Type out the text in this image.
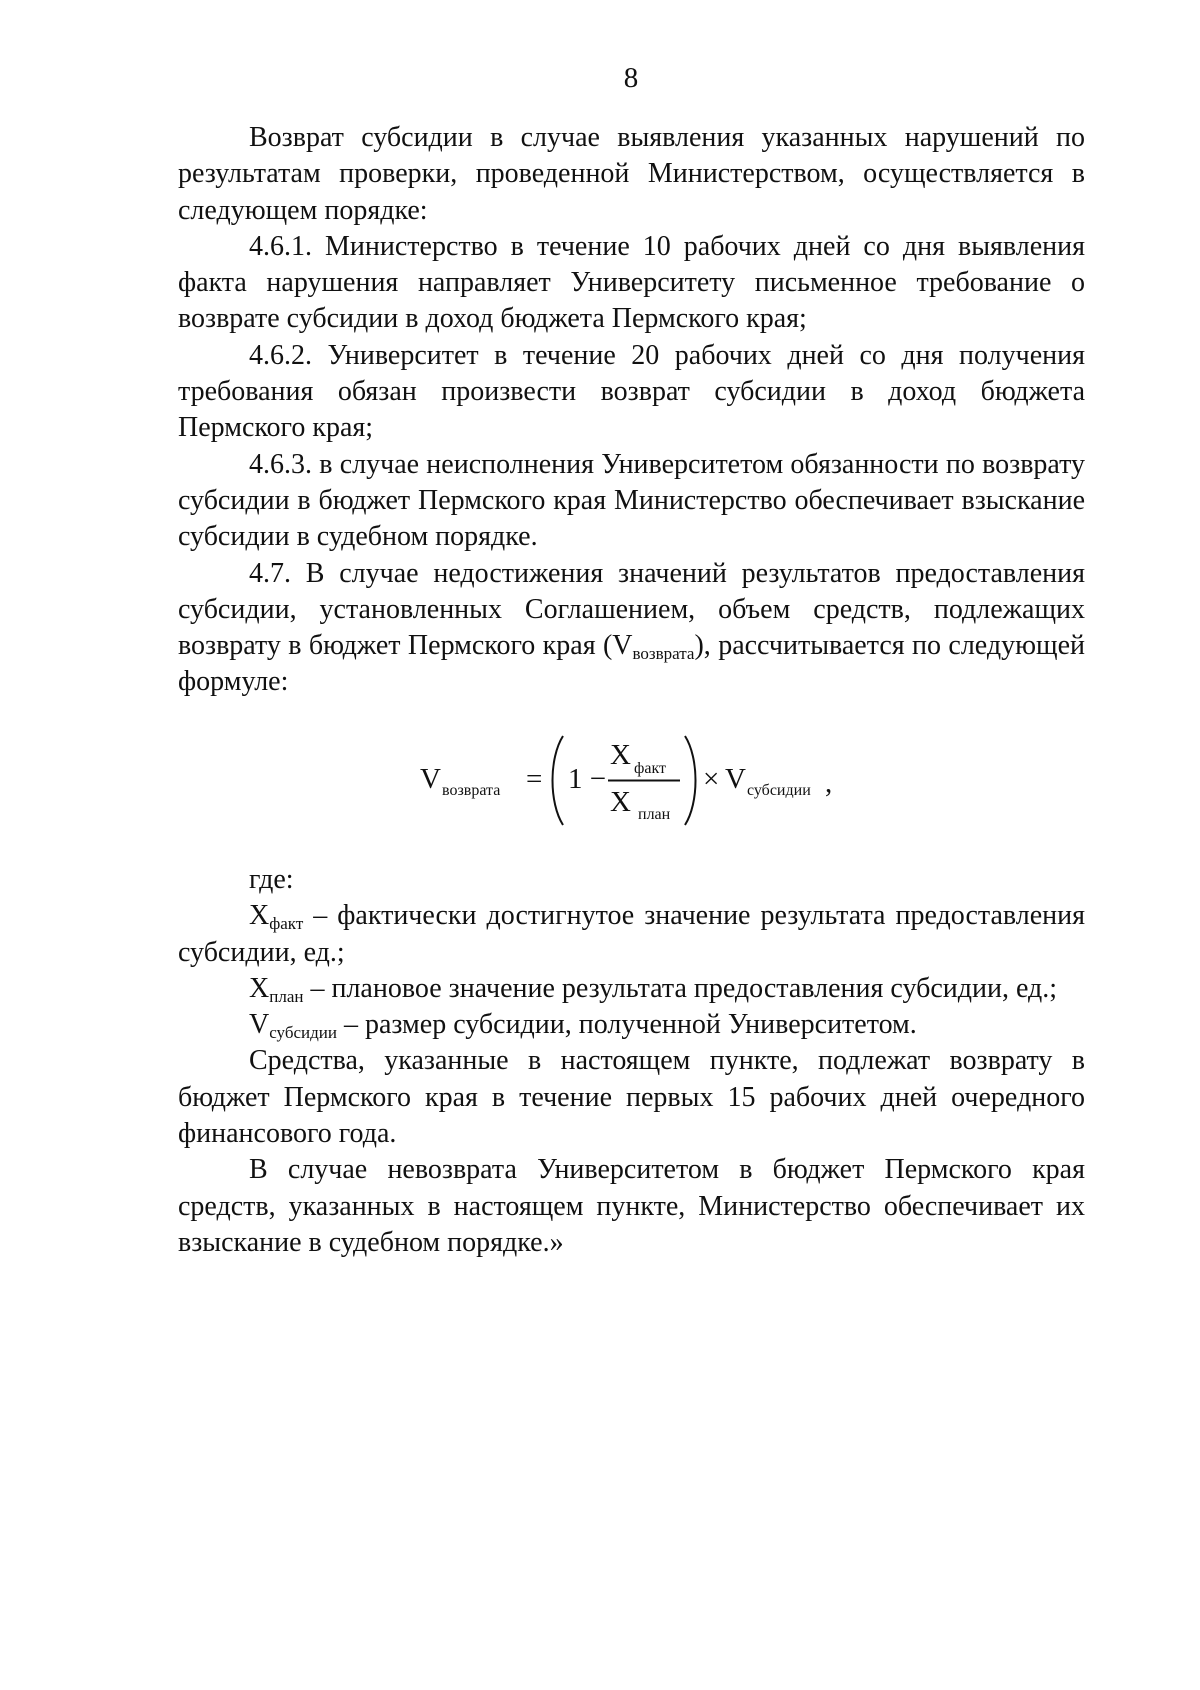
8

Возврат субсидии в случае выявления указанных нарушений по результатам проверки, проведенной Министерством, осуществляется в следующем порядке:

4.6.1. Министерство в течение 10 рабочих дней со дня выявления факта нарушения направляет Университету письменное требование о возврате субсидии в доход бюджета Пермского края;

4.6.2. Университет в течение 20 рабочих дней со дня получения требования обязан произвести возврат субсидии в доход бюджета Пермского края;

4.6.3. в случае неисполнения Университетом обязанности по возврату субсидии в бюджет Пермского края Министерство обеспечивает взыскание субсидии в судебном порядке.

4.7. В случае недостижения значений результатов предоставления субсидии, установленных Соглашением, объем средств, подлежащих возврату в бюджет Пермского края $(V_{возврата})$, рассчитывается по следующей формуле:

V возврата = 1 −
X факт
X план
× V субсидии ,

где:

$X_{факт}$ – фактически достигнутое значение результата предоставления субсидии, ед.;

$X_{план}$ – плановое значение результата предоставления субсидии, ед.;

$V_{субсидии}$ – размер субсидии, полученной Университетом.

Средства, указанные в настоящем пункте, подлежат возврату в бюджет Пермского края в течение первых 15 рабочих дней очередного финансового года.

В случае невозврата Университетом в бюджет Пермского края средств, указанных в настоящем пункте, Министерство обеспечивает их взыскание в судебном порядке.»
